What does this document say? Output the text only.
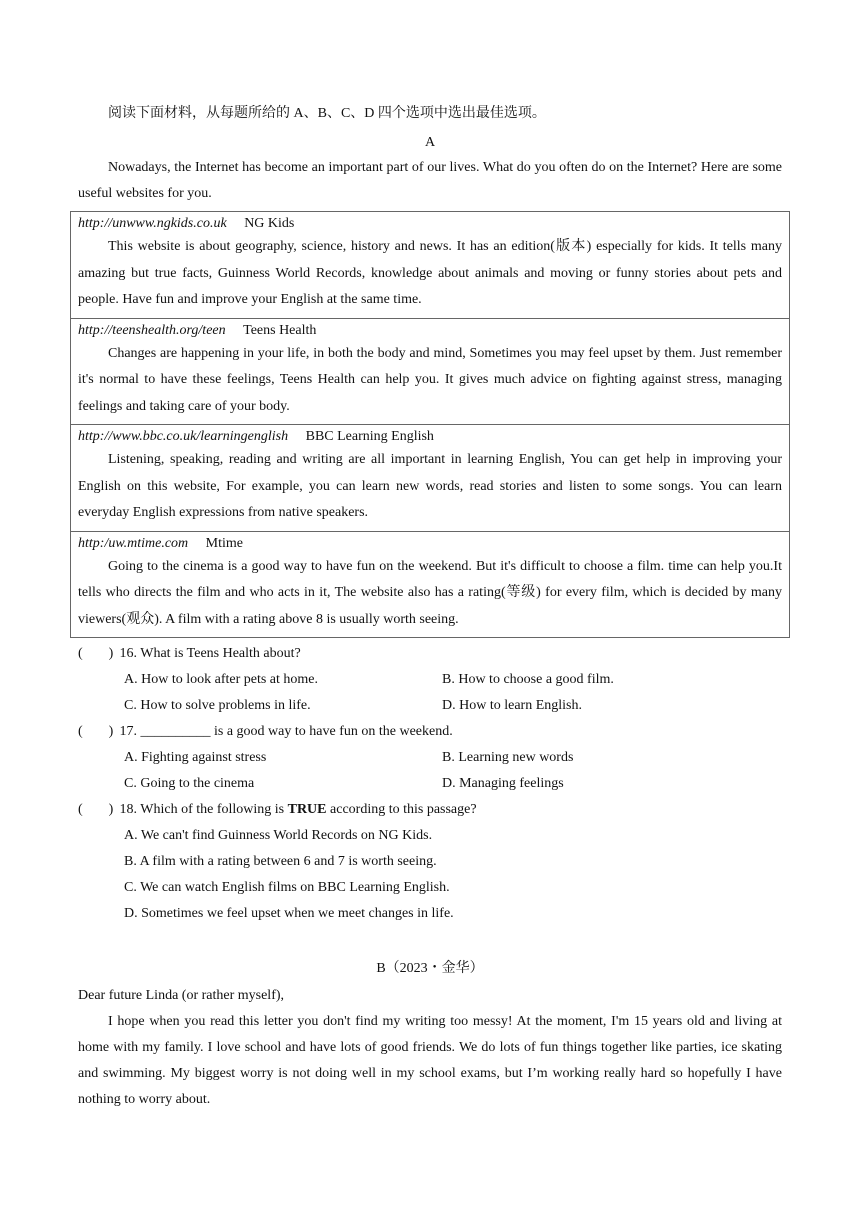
阅读下面材料，从每题所给的 A、B、C、D 四个选项中选出最佳选项。
A
Nowadays, the Internet has become an important part of our lives. What do you often do on the Internet? Here are some useful websites for you.
http://unwww.ngkids.co.uk NG Kids
This website is about geography, science, history and news. It has an edition(版本) especially for kids. It tells many amazing but true facts, Guinness World Records, knowledge about animals and moving or funny stories about pets and people. Have fun and improve your English at the same time.

http://teenshealth.org/teen Teens Health
Changes are happening in your life, in both the body and mind, Sometimes you may feel upset by them. Just remember it's normal to have these feelings, Teens Health can help you. It gives much advice on fighting against stress, managing feelings and taking care of your body.

http://www.bbc.co.uk/learningenglish BBC Learning English
Listening, speaking, reading and writing are all important in learning English, You can get help in improving your English on this website, For example, you can learn new words, read stories and listen to some songs. You can learn everyday English expressions from native speakers.

http:/uw.mtime.com Mtime
Going to the cinema is a good way to have fun on the weekend. But it's difficult to choose a film. time can help you.It tells who directs the film and who acts in it, The website also has a rating(等级) for every film, which is decided by many viewers(观众). A film with a rating above 8 is usually worth seeing.
( ) 16. What is Teens Health about?
A. How to look after pets at home.	B. How to choose a good film.
C. How to solve problems in life.	D. How to learn English.
( ) 17. __________ is a good way to have fun on the weekend.
A. Fighting against stress	B. Learning new words
C. Going to the cinema	D. Managing feelings
( ) 18. Which of the following is TRUE according to this passage?
A. We can't find Guinness World Records on NG Kids.
B. A film with a rating between 6 and 7 is worth seeing.
C. We can watch English films on BBC Learning English.
D. Sometimes we feel upset when we meet changes in life.
B（2023・金华）
Dear future Linda (or rather myself),
I hope when you read this letter you don't find my writing too messy! At the moment, I'm 15 years old and living at home with my family. I love school and have lots of good friends. We do lots of fun things together like parties, ice skating and swimming. My biggest worry is not doing well in my school exams, but I’m working really hard so hopefully I have nothing to worry about.
